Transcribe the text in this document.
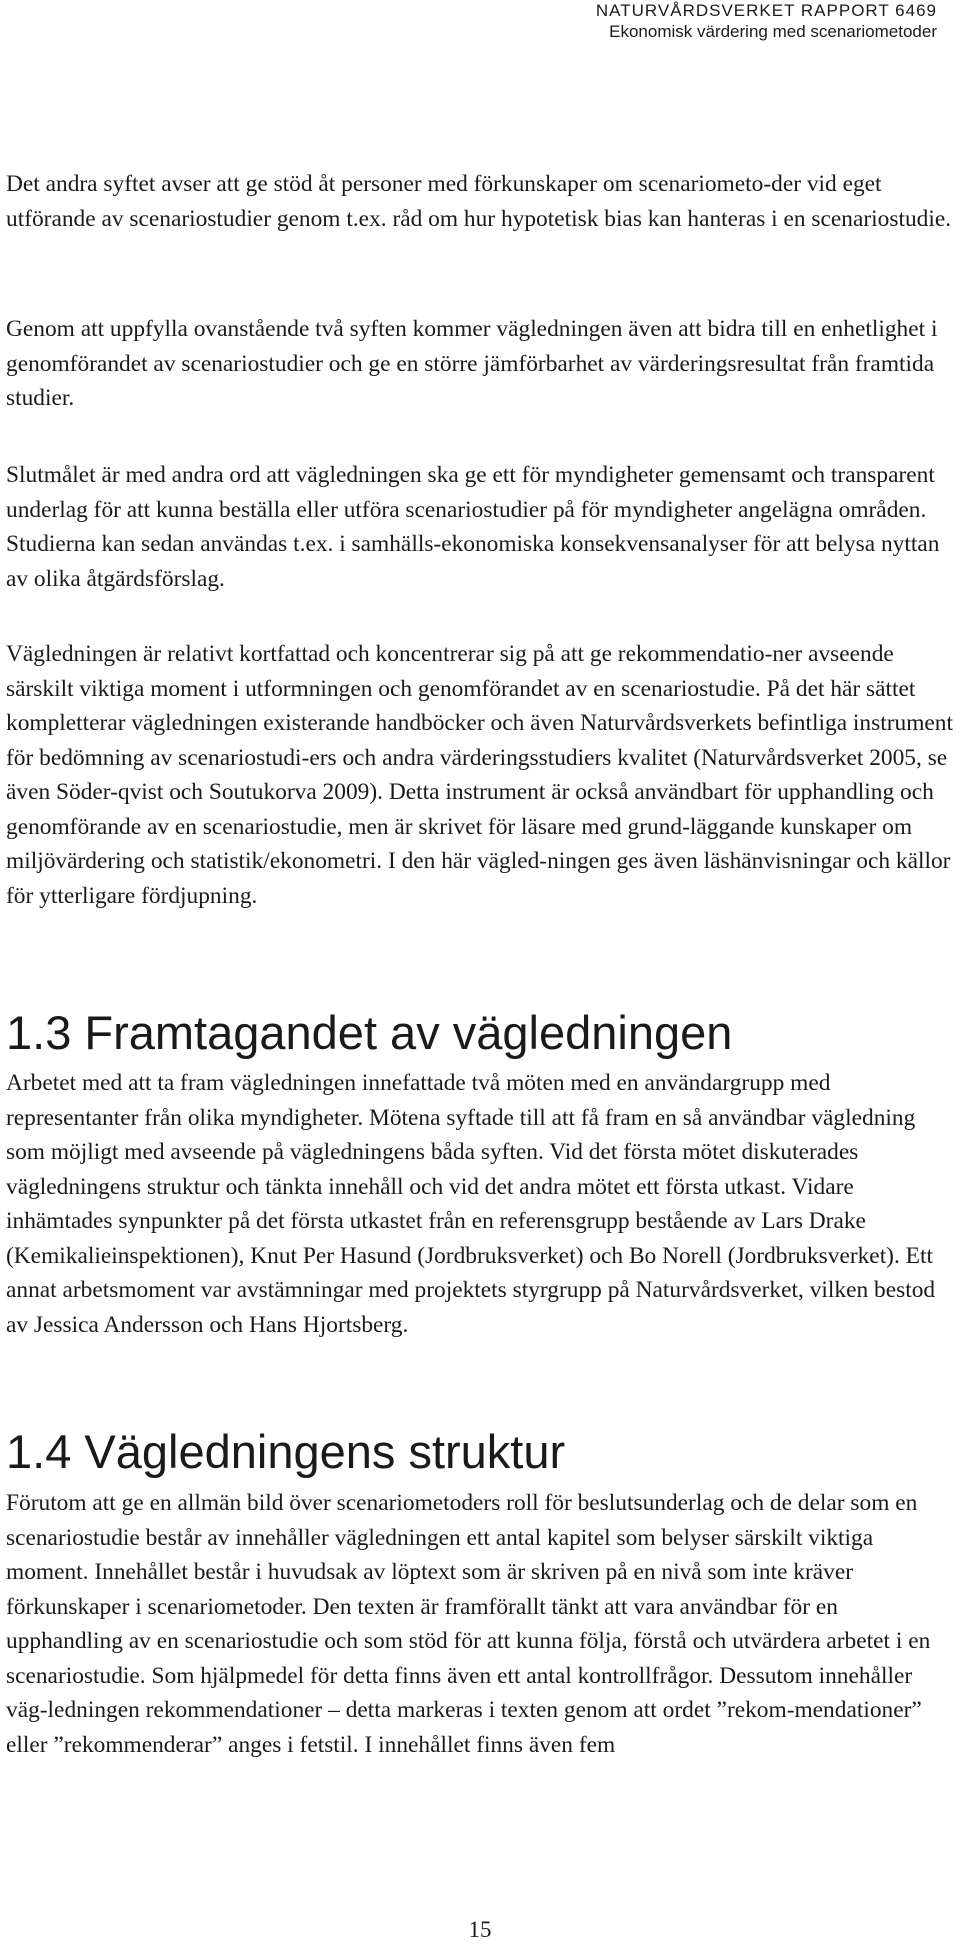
NATURVÅRDSVERKET RAPPORT 6469
Ekonomisk värdering med scenariometoder

Det andra syftet avser att ge stöd åt personer med förkunskaper om scenariometo-der vid eget utförande av scenariostudier genom t.ex. råd om hur hypotetisk bias kan hanteras i en scenariostudie.

Genom att uppfylla ovanstående två syften kommer vägledningen även att bidra till en enhetlighet i genomförandet av scenariostudier och ge en större jämförbarhet av värderingsresultat från framtida studier.

Slutmålet är med andra ord att vägledningen ska ge ett för myndigheter gemensamt och transparent underlag för att kunna beställa eller utföra scenariostudier på för myndigheter angelägna områden. Studierna kan sedan användas t.ex. i samhälls-ekonomiska konsekvensanalyser för att belysa nyttan av olika åtgärdsförslag.

Vägledningen är relativt kortfattad och koncentrerar sig på att ge rekommendatio-ner avseende särskilt viktiga moment i utformningen och genomförandet av en scenariostudie. På det här sättet kompletterar vägledningen existerande handböcker och även Naturvårdsverkets befintliga instrument för bedömning av scenariostudi-ers och andra värderingsstudiers kvalitet (Naturvårdsverket 2005, se även Söder-qvist och Soutukorva 2009). Detta instrument är också användbart för upphandling och genomförande av en scenariostudie, men är skrivet för läsare med grund-läggande kunskaper om miljövärdering och statistik/ekonometri. I den här vägled-ningen ges även läshänvisningar och källor för ytterligare fördjupning.

1.3 Framtagandet av vägledningen

Arbetet med att ta fram vägledningen innefattade två möten med en användargrupp med representanter från olika myndigheter. Mötena syftade till att få fram en så användbar vägledning som möjligt med avseende på vägledningens båda syften. Vid det första mötet diskuterades vägledningens struktur och tänkta innehåll och vid det andra mötet ett första utkast. Vidare inhämtades synpunkter på det första utkastet från en referensgrupp bestående av Lars Drake (Kemikalieinspektionen), Knut Per Hasund (Jordbruksverket) och Bo Norell (Jordbruksverket). Ett annat arbetsmoment var avstämningar med projektets styrgrupp på Naturvårdsverket, vilken bestod av Jessica Andersson och Hans Hjortsberg.

1.4 Vägledningens struktur

Förutom att ge en allmän bild över scenariometoders roll för beslutsunderlag och de delar som en scenariostudie består av innehåller vägledningen ett antal kapitel som belyser särskilt viktiga moment. Innehållet består i huvudsak av löptext som är skriven på en nivå som inte kräver förkunskaper i scenariometoder. Den texten är framförallt tänkt att vara användbar för en upphandling av en scenariostudie och som stöd för att kunna följa, förstå och utvärdera arbetet i en scenariostudie. Som hjälpmedel för detta finns även ett antal kontrollfrågor. Dessutom innehåller väg-ledningen rekommendationer – detta markeras i texten genom att ordet ”rekom-mendationer” eller ”rekommenderar” anges i fetstil. I innehållet finns även fem

15
